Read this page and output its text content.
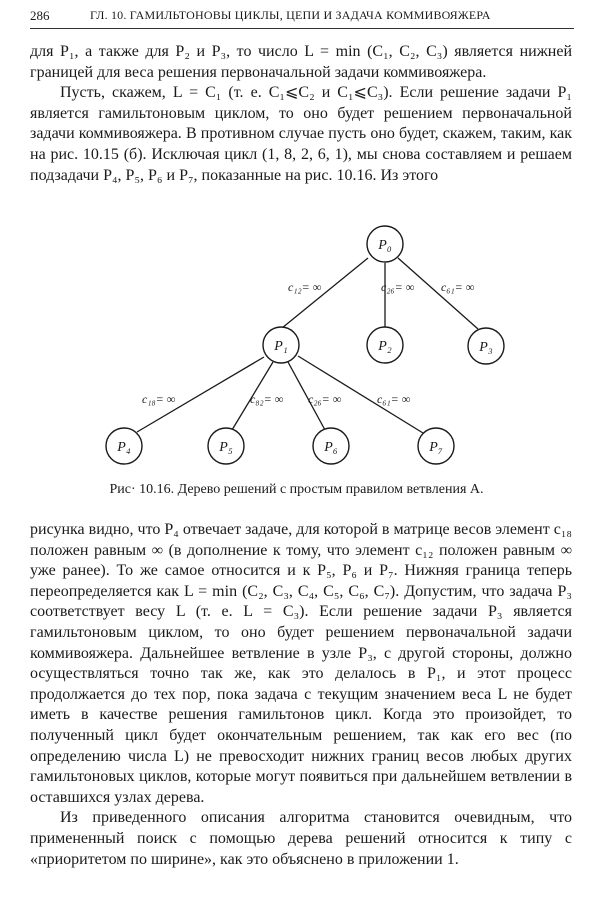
286	ГЛ. 10. ГАМИЛЬТОНОВЫ ЦИКЛЫ, ЦЕПИ И ЗАДАЧА КОММИВОЯЖЕРА

для P₁, а также для P₂ и P₃, то число L = min (C₁, C₂, C₃) является нижней границей для веса решения первоначальной задачи коммивояжера.

Пусть, скажем, L = C₁ (т. е. C₁⩽C₂ и C₁⩽C₃). Если решение задачи P₁ является гамильтоновым циклом, то оно будет решением первоначальной задачи коммивояжера. В противном случае пусть оно будет, скажем, таким, как на рис. 10.15 (б). Исключая цикл (1, 8, 2, 6, 1), мы снова составляем и решаем подзадачи P₄, P₅, P₆ и P₇, показанные на рис. 10.16. Из этого

c₁₂= ∞	c₂₆= ∞ c₆₁= ∞
c₁₈= ∞	c₈₂= ∞ c₂₆= ∞	c₆₁= ∞
P₀
P₁	P₂	P₃
P₄	P₅	P₆	P₇
Рис· 10.16. Дерево решений с простым правилом ветвления А.

рисунка видно, что P₄ отвечает задаче, для которой в матрице весов элемент c₁₈ положен равным ∞ (в дополнение к тому, что элемент c₁₂ положен равным ∞ уже ранее). То же самое относится и к P₅, P₆ и P₇. Нижняя граница теперь переопределяется как L = min (C₂, C₃, C₄, C₅, C₆, C₇). Допустим, что задача P₃ соответствует весу L (т. е. L = C₃). Если решение задачи P₃ является гамильтоновым циклом, то оно будет решением первоначальной задачи коммивояжера. Дальнейшее ветвление в узле P₃, с другой стороны, должно осуществляться точно так же, как это делалось в P₁, и этот процесс продолжается до тех пор, пока задача с текущим значением веса L не будет иметь в качестве решения гамильтонов цикл. Когда это произойдет, то полученный цикл будет окончательным решением, так как его вес (по определению числа L) не превосходит нижних границ весов любых других гамильтоновых циклов, которые могут появиться при дальнейшем ветвлении в оставшихся узлах дерева.

Из приведенного описания алгоритма становится очевидным, что примененный поиск с помощью дерева решений относится к типу с «приоритетом по ширине», как это объяснено в приложении 1.
